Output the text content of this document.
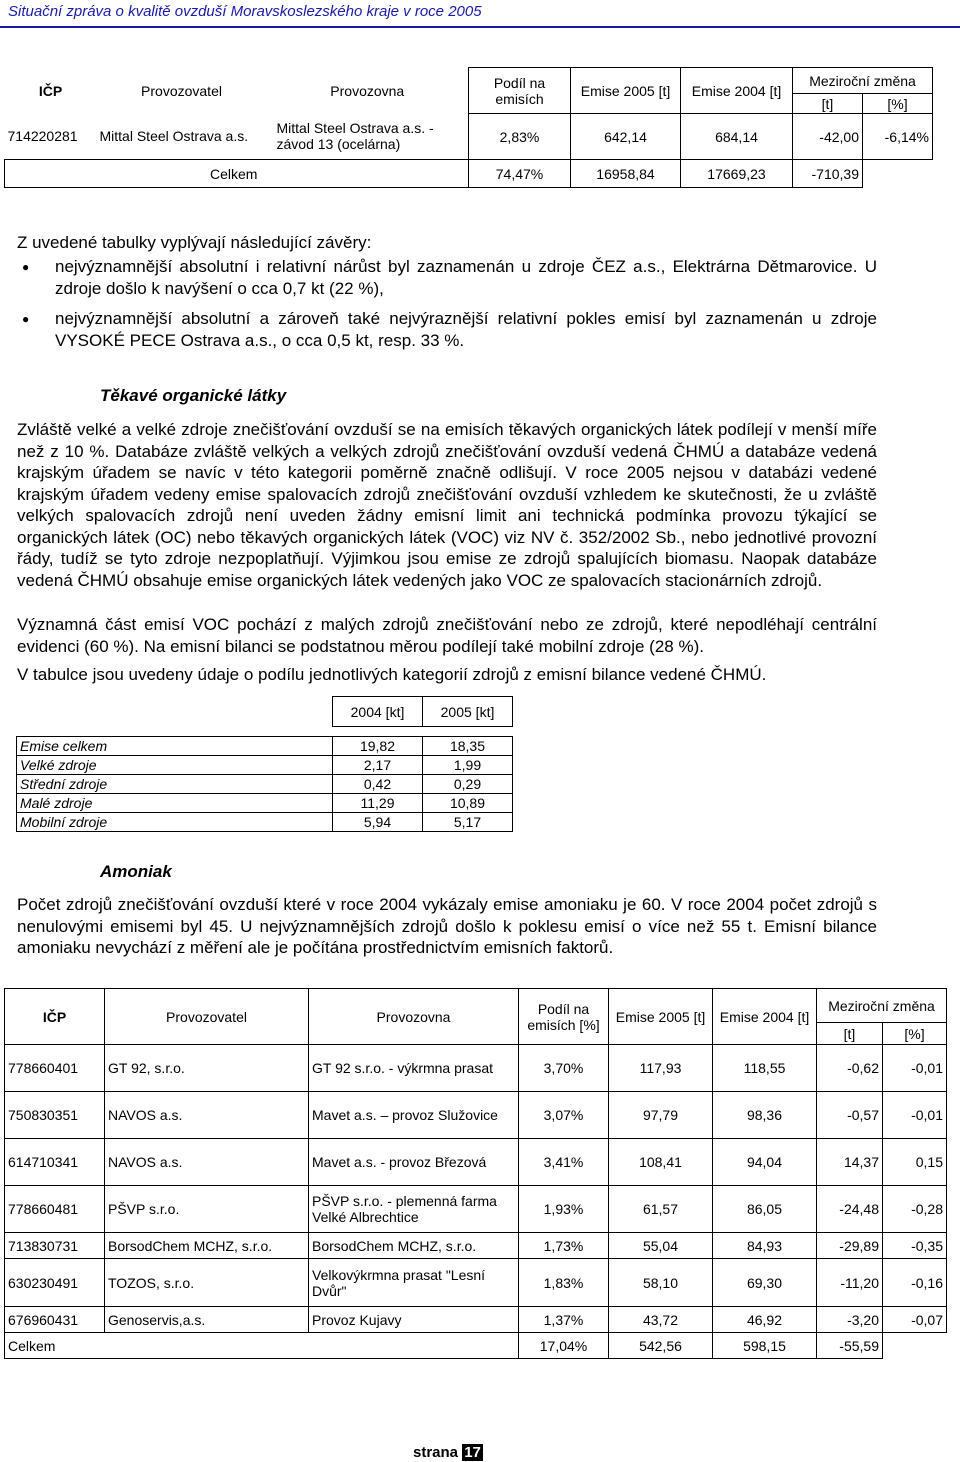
Situační zpráva o kvalitě ovzduší Moravskoslezského kraje v roce 2005
IČP	Provozovatel	Provozovna	Podíl na emisích	Emise 2005 [t]	Emise 2004 [t]	Meziroční změna	
						[t]	[%]
714220281	Mittal Steel Ostrava a.s.	Mittal Steel Ostrava a.s. - závod 13 (ocelárna)	2,83%	642,14	684,14	-42,00	-6,14%
Celkem			74,47%	16958,84	17669,23	-710,39	
Z uvedené tabulky vyplývají následující závěry:
● nejvýznamnější absolutní i relativní nárůst byl zaznamenán u zdroje ČEZ a.s., Elektrárna Dětmarovice. U zdroje došlo k navýšení o cca 0,7 kt (22 %),
● nejvýznamnější absolutní a zároveň také nejvýraznější relativní pokles emisí byl zaznamenán u zdroje VYSOKÉ PECE Ostrava a.s., o cca 0,5 kt, resp. 33 %.
Těkavé organické látky
Zvláště velké a velké zdroje znečišťování ovzduší se na emisích těkavých organických látek podílejí v menší míře než z 10 %. Databáze zvláště velkých a velkých zdrojů znečišťování ovzduší vedená ČHMÚ a databáze vedená krajským úřadem se navíc v této kategorii poměrně značně odlišují. V roce 2005 nejsou v databázi vedené krajským úřadem vedeny emise spalovacích zdrojů znečišťování ovzduší vzhledem ke skutečnosti, že u zvláště velkých spalovacích zdrojů není uveden žádny emisní limit ani technická podmínka provozu týkající se organických látek (OC) nebo těkavých organických látek (VOC) viz NV č. 352/2002 Sb., nebo jednotlivé provozní řády, tudíž se tyto zdroje nezpoplatňují. Výjimkou jsou emise ze zdrojů spalujících biomasu. Naopak databáze vedená ČHMÚ obsahuje emise organických látek vedených jako VOC ze spalovacích stacionárních zdrojů.
Významná část emisí VOC pochází z malých zdrojů znečišťování nebo ze zdrojů, které nepodléhají centrální evidenci (60 %). Na emisní bilanci se podstatnou měrou podílejí také mobilní zdroje (28 %).
V tabulce jsou uvedeny údaje o podílu jednotlivých kategorií zdrojů z emisní bilance vedené ČHMÚ.
	2004 [kt]	2005 [kt]

Emise celkem	19,82	18,35
Velké zdroje	2,17	1,99
Střední zdroje	0,42	0,29
Malé zdroje	11,29	10,89
Mobilní zdroje	5,94	5,17
Amoniak
Počet zdrojů znečišťování ovzduší které v roce 2004 vykázaly emise amoniaku je 60. V roce 2004 počet zdrojů s nenulovými emisemi byl 45. U nejvýznamnějších zdrojů došlo k poklesu emisí o více než 55 t. Emisní bilance amoniaku nevychází z měření ale je počítána prostřednictvím emisních faktorů.
IČP	Provozovatel	Provozovna	Podíl na emisích [%]	Emise 2005 [t]	Emise 2004 [t]	Meziroční změna	
						[t]	[%]
778660401	GT 92, s.r.o.	GT 92 s.r.o. - výkrmna prasat	3,70%	117,93	118,55	-0,62	-0,01
750830351	NAVOS a.s.	Mavet a.s. – provoz Služovice	3,07%	97,79	98,36	-0,57	-0,01
614710341	NAVOS a.s.	Mavet a.s. - provoz Březová	3,41%	108,41	94,04	14,37	0,15
778660481	PŠVP s.r.o.	PŠVP s.r.o. - plemenná farma Velké Albrechtice	1,93%	61,57	86,05	-24,48	-0,28
713830731	BorsodChem MCHZ, s.r.o.	BorsodChem MCHZ, s.r.o.	1,73%	55,04	84,93	-29,89	-0,35
630230491	TOZOS, s.r.o.	Velkovýkrmna prasat "Lesní Dvůr"	1,83%	58,10	69,30	-11,20	-0,16
676960431	Genoservis,a.s.	Provoz Kujavy	1,37%	43,72	46,92	-3,20	-0,07
Celkem			17,04%	542,56	598,15	-55,59	
strana 17
